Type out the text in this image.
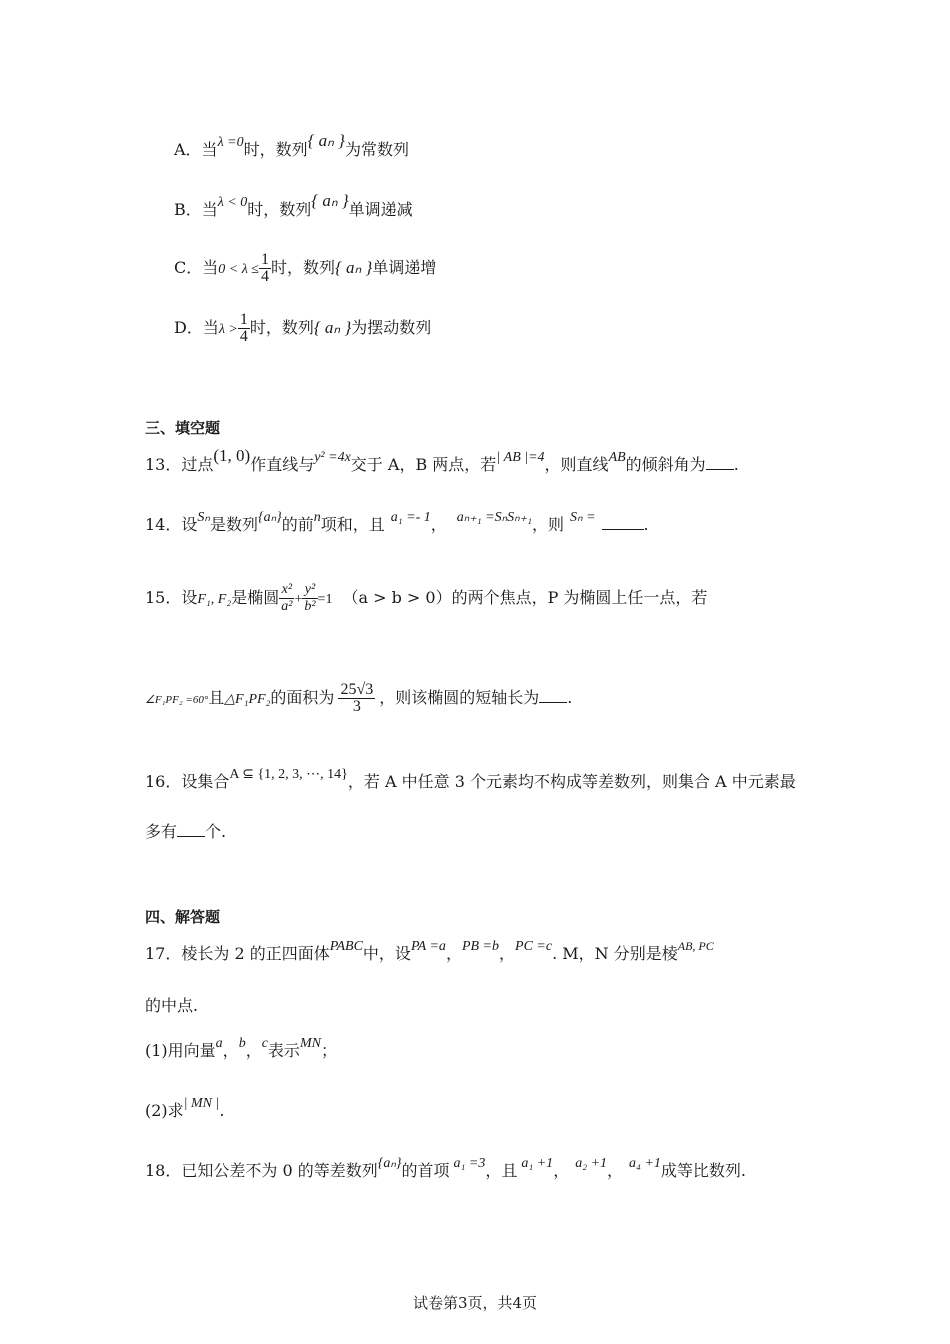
A．当λ =0时，数列{ aₙ }为常数列
B．当λ < 0时，数列{ aₙ }单调递减
C．当$0 < \lambda \le \frac{1}{4}$ 时，数列{ aₙ }单调递增
D．当$\lambda > \frac{1}{4}$ 时，数列{ aₙ }为摆动数列
三、填空题
13．过点(1, 0)作直线与y² =4x交于 A，B 两点，若| AB |=4，则直线AB的倾斜角为 .
14．设Sₙ是数列{aₙ}的前n项和，且 a₁ =- 1， aₙ₊₁ =SₙSₙ₊₁，则 Sₙ =	.
15．设F₁, F₂是椭圆 $\frac{\text{x²}}{\text{a²}} + \frac{\text{y²}}{\text{b²}} =1$ （a > b > 0）的两个焦点，P 为椭圆上任一点，若
∠F₁PF₂ =60°且△F₁PF₂的面积为 $\frac{25√3}{3}$ ，则该椭圆的短轴长为 .
16．设集合A ⊆ {1, 2, 3, ⋯, 14}，若 A 中任意 3 个元素均不构成等差数列，则集合 A 中元素最
多有 个.
四、解答题
17．棱长为 2 的正四面体PABC中，设PA =a，PB =b，PC =c. M，N 分别是棱$^{AB, PC}$
的中点.
(1)用向量a，b，c表示MN；
(2)求| MN |.
18．已知公差不为 0 的等差数列{aₙ}的首项 a₁ =3，且 a₁ +1， a₂ +1， a₄ +1成等比数列.
试卷第3页，共4页
